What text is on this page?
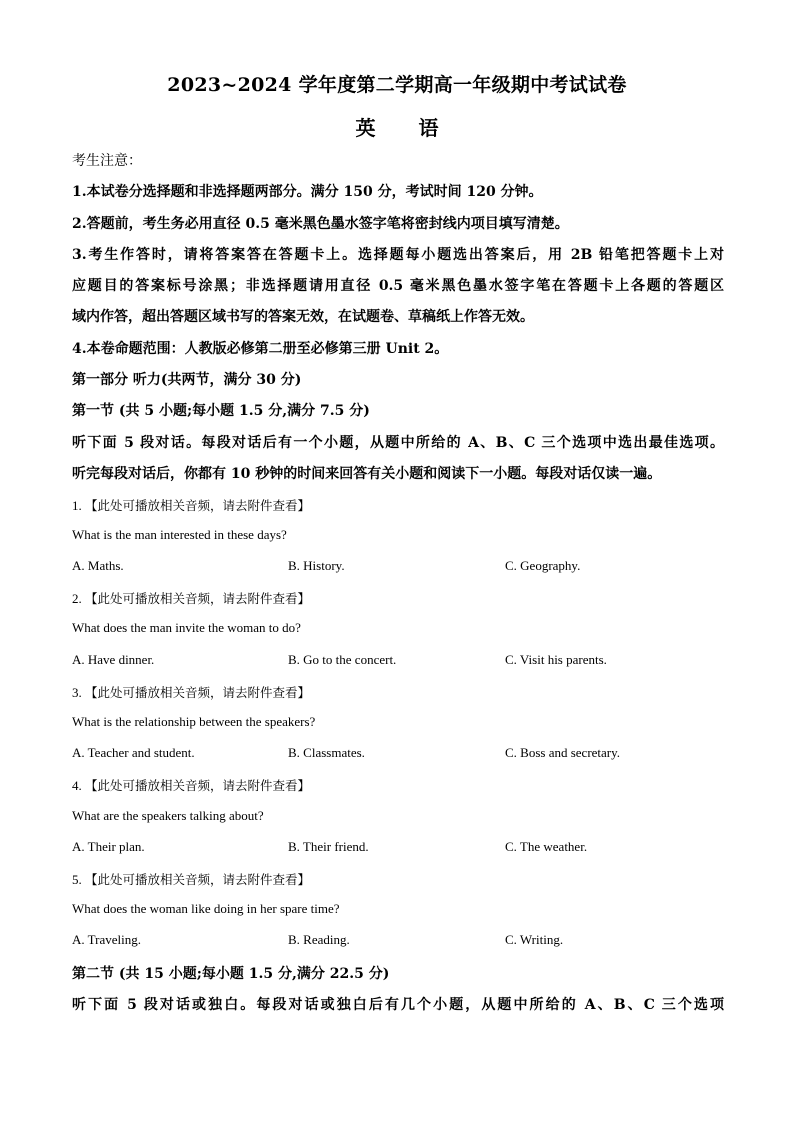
2023~2024 学年度第二学期高一年级期中考试试卷
英 语
考生注意：
1.本试卷分选择题和非选择题两部分。满分 150 分，考试时间 120 分钟。
2.答题前，考生务必用直径 0.5 毫米黑色墨水签字笔将密封线内项目填写清楚。
3.考生作答时，请将答案答在答题卡上。选择题每小题选出答案后，用 2B 铅笔把答题卡上对
应题目的答案标号涂黑；非选择题请用直径 0.5 毫米黑色墨水签字笔在答题卡上各题的答题区
域内作答，超出答题区域书写的答案无效，在试题卷、草稿纸上作答无效。
4.本卷命题范围：人教版必修第二册至必修第三册 Unit 2。
第一部分 听力(共两节，满分 30 分)
第一节 (共 5 小题;每小题 1.5 分,满分 7.5 分)
听下面 5 段对话。每段对话后有一个小题，从题中所给的 A、B、C 三个选项中选出最佳选项。
听完每段对话后，你都有 10 秒钟的时间来回答有关小题和阅读下一小题。每段对话仅读一遍。
1. 【此处可播放相关音频，请去附件查看】
What is the man interested in these days?
A. Maths.	B. History.	C. Geography.
2. 【此处可播放相关音频，请去附件查看】
What does the man invite the woman to do?
A. Have dinner.	B. Go to the concert.	C. Visit his parents.
3. 【此处可播放相关音频，请去附件查看】
What is the relationship between the speakers?
A. Teacher and student.	B. Classmates.	C. Boss and secretary.
4. 【此处可播放相关音频，请去附件查看】
What are the speakers talking about?
A. Their plan.	B. Their friend.	C. The weather.
5. 【此处可播放相关音频，请去附件查看】
What does the woman like doing in her spare time?
A. Traveling.	B. Reading.	C. Writing.
第二节 (共 15 小题;每小题 1.5 分,满分 22.5 分)
听下面 5 段对话或独白。每段对话或独白后有几个小题，从题中所给的 A、B、C 三个选项
